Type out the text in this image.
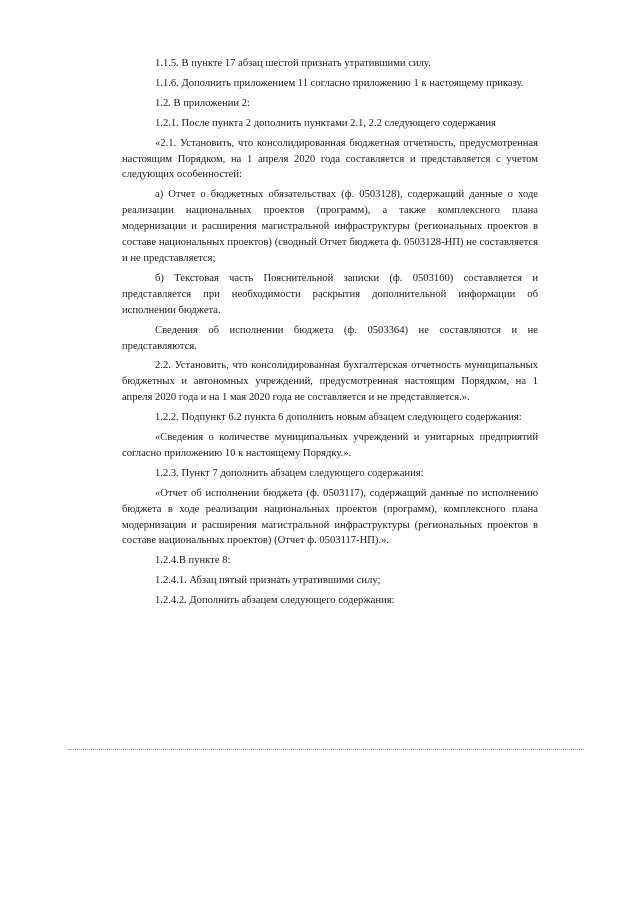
1.1.5. В пункте 17 абзац шестой признать утратившими силу.

1.1.6. Дополнить приложением 11 согласно приложению 1 к настоящему приказу.

1.2. В приложении 2:

1.2.1. После пункта 2 дополнить пунктами 2.1, 2.2 следующего содержания

«2.1. Установить, что консолидированная бюджетная отчетность, предусмотренная настоящим Порядком, на 1 апреля 2020 года составляется и представляется с учетом следующих особенностей:

а) Отчет о бюджетных обязательствах (ф. 0503128), содержащий данные о ходе реализации национальных проектов (программ), а также комплексного плана модернизации и расширения магистральной инфраструктуры (региональных проектов в составе национальных проектов) (сводный Отчет бюджета ф. 0503128-НП) не составляется и не представляется;

б) Текстовая часть Пояснительной записки (ф. 0503160) составляется и представляется при необходимости раскрытия дополнительной информации об исполнении бюджета.

Сведения об исполнении бюджета (ф. 0503364) не составляются и не представляются.

2.2. Установить, что консолидированная бухгалтерская отчетность муниципальных бюджетных и автономных учреждений, предусмотренная настоящим Порядком, на 1 апреля 2020 года и на 1 мая 2020 года не составляется и не представляется.».

1.2.2. Подпункт 6.2 пункта 6 дополнить новым абзацем следующего содержания:

«Сведения о количестве муниципальных учреждений и унитарных предприятий согласно приложению 10 к настоящему Порядку.».

1.2.3. Пункт 7 дополнить абзацем следующего содержания:

«Отчет об исполнении бюджета (ф. 0503117), содержащий данные по исполнению бюджета в ходе реализации национальных проектов (программ), комплексного плана модернизации и расширения магистральной инфраструктуры (региональных проектов в составе национальных проектов) (Отчет ф. 0503117-НП).».

1.2.4.В пункте 8:

1.2.4.1. Абзац пятый признать утратившими силу;

1.2.4.2. Дополнить абзацем следующего содержания:
